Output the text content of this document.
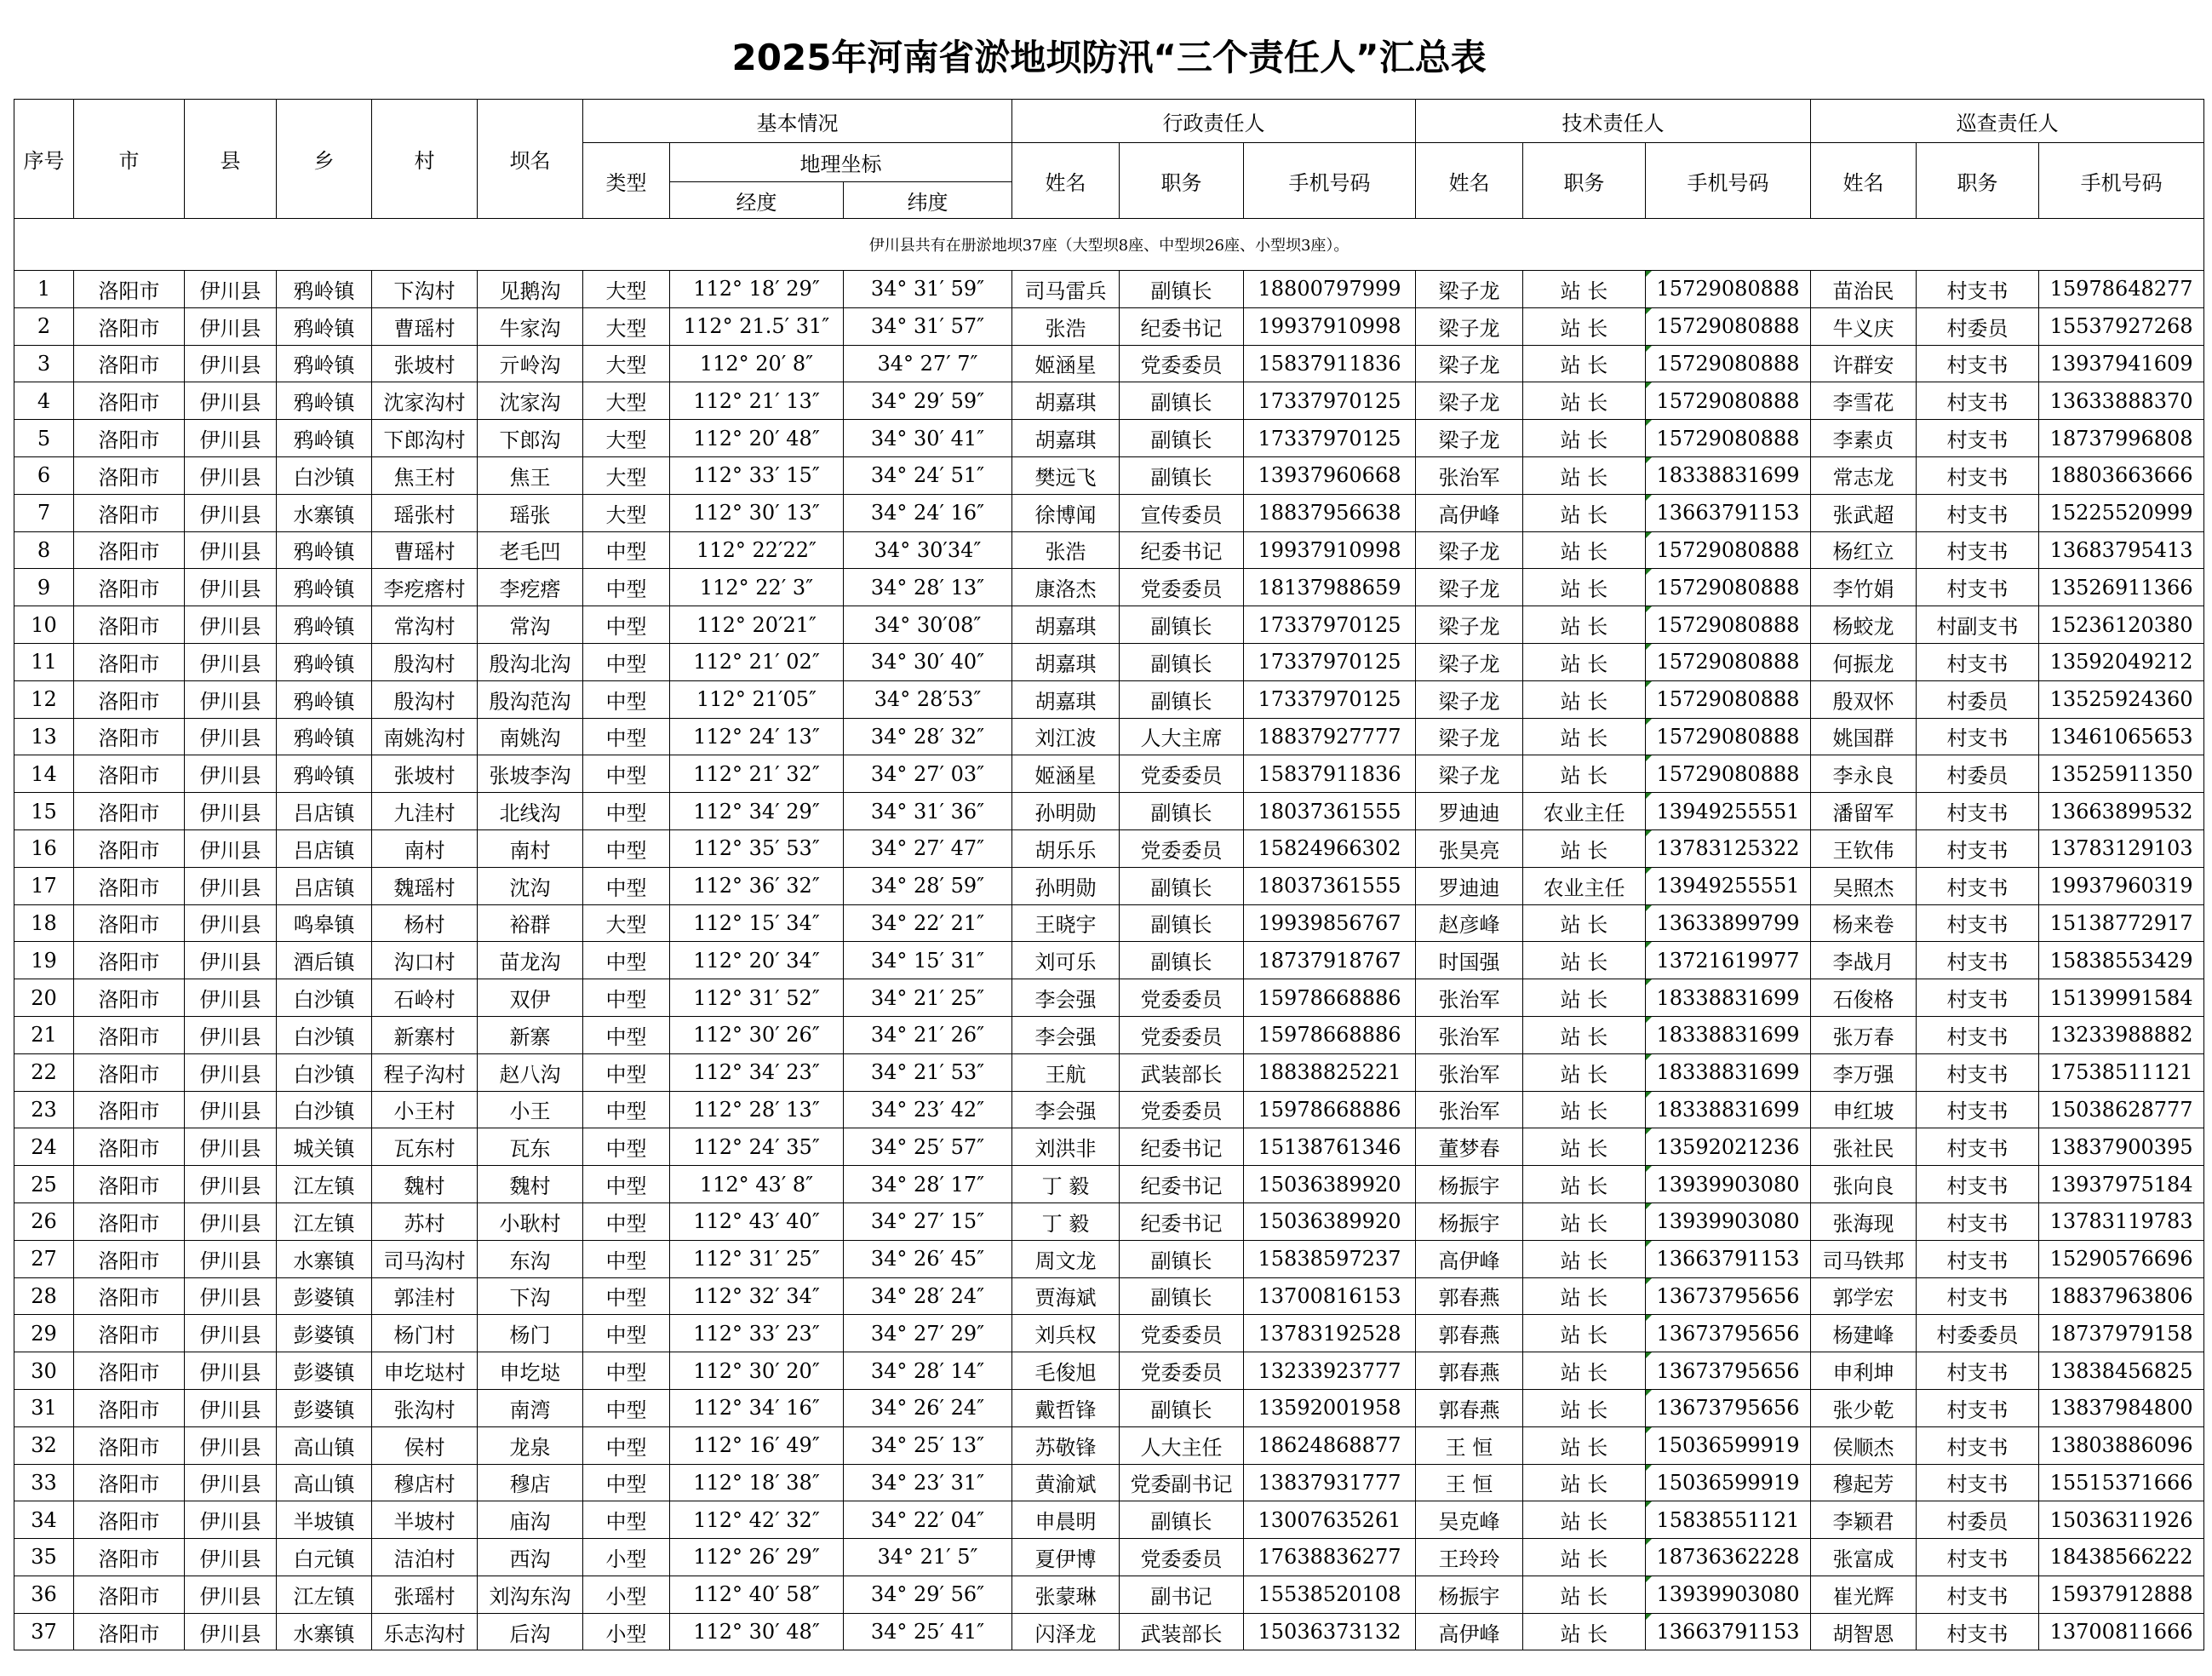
2025年河南省淤地坝防汛“三个责任人”汇总表																	
序号	市	县	乡	村	坝名	基本情况			行政责任人			技术责任人			巡查责任人		
						类型	地理坐标		姓名	职务	手机号码	姓名	职务	手机号码	姓名	职务	手机号码
							经度	纬度									
伊川县共有在册淤地坝37座（大型坝8座、中型坝26座、小型坝3座）。																	
1	洛阳市	伊川县	鸦岭镇	下沟村	见鹅沟	大型	112° 18′ 29″	34° 31′ 59″	司马雷兵	副镇长	18800797999	梁子龙	站 长	15729080888	苗治民	村支书	15978648277
2	洛阳市	伊川县	鸦岭镇	曹瑶村	牛家沟	大型	112° 21.5′ 31″	34° 31′ 57″	张浩	纪委书记	19937910998	梁子龙	站 长	15729080888	牛义庆	村委员	15537927268
3	洛阳市	伊川县	鸦岭镇	张坡村	亓岭沟	大型	112° 20′ 8″	34° 27′ 7″	姬涵星	党委委员	15837911836	梁子龙	站 长	15729080888	许群安	村支书	13937941609
4	洛阳市	伊川县	鸦岭镇	沈家沟村	沈家沟	大型	112° 21′ 13″	34° 29′ 59″	胡嘉琪	副镇长	17337970125	梁子龙	站 长	15729080888	李雪花	村支书	13633888370
5	洛阳市	伊川县	鸦岭镇	下郎沟村	下郎沟	大型	112° 20′ 48″	34° 30′ 41″	胡嘉琪	副镇长	17337970125	梁子龙	站 长	15729080888	李素贞	村支书	18737996808
6	洛阳市	伊川县	白沙镇	焦王村	焦王	大型	112° 33′ 15″	34° 24′ 51″	樊远飞	副镇长	13937960668	张治军	站 长	18338831699	常志龙	村支书	18803663666
7	洛阳市	伊川县	水寨镇	瑶张村	瑶张	大型	112° 30′ 13″	34° 24′ 16″	徐博闻	宣传委员	18837956638	高伊峰	站 长	13663791153	张武超	村支书	15225520999
8	洛阳市	伊川县	鸦岭镇	曹瑶村	老毛凹	中型	112° 22′22″	34° 30′34″	张浩	纪委书记	19937910998	梁子龙	站 长	15729080888	杨红立	村支书	13683795413
9	洛阳市	伊川县	鸦岭镇	李疙瘩村	李疙瘩	中型	112° 22′ 3″	34° 28′ 13″	康洛杰	党委委员	18137988659	梁子龙	站 长	15729080888	李竹娟	村支书	13526911366
10	洛阳市	伊川县	鸦岭镇	常沟村	常沟	中型	112° 20′21″	34° 30′08″	胡嘉琪	副镇长	17337970125	梁子龙	站 长	15729080888	杨蛟龙	村副支书	15236120380
11	洛阳市	伊川县	鸦岭镇	殷沟村	殷沟北沟	中型	112° 21′ 02″	34° 30′ 40″	胡嘉琪	副镇长	17337970125	梁子龙	站 长	15729080888	何振龙	村支书	13592049212
12	洛阳市	伊川县	鸦岭镇	殷沟村	殷沟范沟	中型	112° 21′05″	34° 28′53″	胡嘉琪	副镇长	17337970125	梁子龙	站 长	15729080888	殷双怀	村委员	13525924360
13	洛阳市	伊川县	鸦岭镇	南姚沟村	南姚沟	中型	112° 24′ 13″	34° 28′ 32″	刘江波	人大主席	18837927777	梁子龙	站 长	15729080888	姚国群	村支书	13461065653
14	洛阳市	伊川县	鸦岭镇	张坡村	张坡李沟	中型	112° 21′ 32″	34° 27′ 03″	姬涵星	党委委员	15837911836	梁子龙	站 长	15729080888	李永良	村委员	13525911350
15	洛阳市	伊川县	吕店镇	九洼村	北线沟	中型	112° 34′ 29″	34° 31′ 36″	孙明勋	副镇长	18037361555	罗迪迪	农业主任	13949255551	潘留军	村支书	13663899532
16	洛阳市	伊川县	吕店镇	南村	南村	中型	112° 35′ 53″	34° 27′ 47″	胡乐乐	党委委员	15824966302	张昊亮	站 长	13783125322	王钦伟	村支书	13783129103
17	洛阳市	伊川县	吕店镇	魏瑶村	沈沟	中型	112° 36′ 32″	34° 28′ 59″	孙明勋	副镇长	18037361555	罗迪迪	农业主任	13949255551	吴照杰	村支书	19937960319
18	洛阳市	伊川县	鸣皋镇	杨村	裕群	大型	112° 15′ 34″	34° 22′ 21″	王晓宇	副镇长	19939856767	赵彦峰	站 长	13633899799	杨来卷	村支书	15138772917
19	洛阳市	伊川县	酒后镇	沟口村	苗龙沟	中型	112° 20′ 34″	34° 15′ 31″	刘可乐	副镇长	18737918767	时国强	站 长	13721619977	李战月	村支书	15838553429
20	洛阳市	伊川县	白沙镇	石岭村	双伊	中型	112° 31′ 52″	34° 21′ 25″	李会强	党委委员	15978668886	张治军	站 长	18338831699	石俊格	村支书	15139991584
21	洛阳市	伊川县	白沙镇	新寨村	新寨	中型	112° 30′ 26″	34° 21′ 26″	李会强	党委委员	15978668886	张治军	站 长	18338831699	张万春	村支书	13233988882
22	洛阳市	伊川县	白沙镇	程子沟村	赵八沟	中型	112° 34′ 23″	34° 21′ 53″	王航	武装部长	18838825221	张治军	站 长	18338831699	李万强	村支书	17538511121
23	洛阳市	伊川县	白沙镇	小王村	小王	中型	112° 28′ 13″	34° 23′ 42″	李会强	党委委员	15978668886	张治军	站 长	18338831699	申红坡	村支书	15038628777
24	洛阳市	伊川县	城关镇	瓦东村	瓦东	中型	112° 24′ 35″	34° 25′ 57″	刘洪非	纪委书记	15138761346	董梦春	站 长	13592021236	张社民	村支书	13837900395
25	洛阳市	伊川县	江左镇	魏村	魏村	中型	112° 43′ 8″	34° 28′ 17″	丁 毅	纪委书记	15036389920	杨振宇	站 长	13939903080	张向良	村支书	13937975184
26	洛阳市	伊川县	江左镇	苏村	小耿村	中型	112° 43′ 40″	34° 27′ 15″	丁 毅	纪委书记	15036389920	杨振宇	站 长	13939903080	张海现	村支书	13783119783
27	洛阳市	伊川县	水寨镇	司马沟村	东沟	中型	112° 31′ 25″	34° 26′ 45″	周文龙	副镇长	15838597237	高伊峰	站 长	13663791153	司马铁邦	村支书	15290576696
28	洛阳市	伊川县	彭婆镇	郭洼村	下沟	中型	112° 32′ 34″	34° 28′ 24″	贾海斌	副镇长	13700816153	郭春燕	站 长	13673795656	郭学宏	村支书	18837963806
29	洛阳市	伊川县	彭婆镇	杨门村	杨门	中型	112° 33′ 23″	34° 27′ 29″	刘兵权	党委委员	13783192528	郭春燕	站 长	13673795656	杨建峰	村委委员	18737979158
30	洛阳市	伊川县	彭婆镇	申圪垯村	申圪垯	中型	112° 30′ 20″	34° 28′ 14″	毛俊旭	党委委员	13233923777	郭春燕	站 长	13673795656	申利坤	村支书	13838456825
31	洛阳市	伊川县	彭婆镇	张沟村	南湾	中型	112° 34′ 16″	34° 26′ 24″	戴哲锋	副镇长	13592001958	郭春燕	站 长	13673795656	张少乾	村支书	13837984800
32	洛阳市	伊川县	高山镇	侯村	龙泉	中型	112° 16′ 49″	34° 25′ 13″	苏敬锋	人大主任	18624868877	王 恒	站 长	15036599919	侯顺杰	村支书	13803886096
33	洛阳市	伊川县	高山镇	穆店村	穆店	中型	112° 18′ 38″	34° 23′ 31″	黄渝斌	党委副书记	13837931777	王 恒	站 长	15036599919	穆起芳	村支书	15515371666
34	洛阳市	伊川县	半坡镇	半坡村	庙沟	中型	112° 42′ 32″	34° 22′ 04″	申晨明	副镇长	13007635261	吴克峰	站 长	15838551121	李颖君	村委员	15036311926
35	洛阳市	伊川县	白元镇	洁泊村	西沟	小型	112° 26′ 29″	34° 21′ 5″	夏伊博	党委委员	17638836277	王玲玲	站 长	18736362228	张富成	村支书	18438566222
36	洛阳市	伊川县	江左镇	张瑶村	刘沟东沟	小型	112° 40′ 58″	34° 29′ 56″	张蒙琳	副书记	15538520108	杨振宇	站 长	13939903080	崔光辉	村支书	15937912888
37	洛阳市	伊川县	水寨镇	乐志沟村	后沟	小型	112° 30′ 48″	34° 25′ 41″	闪泽龙	武装部长	15036373132	高伊峰	站 长	13663791153	胡智恩	村支书	13700811666
